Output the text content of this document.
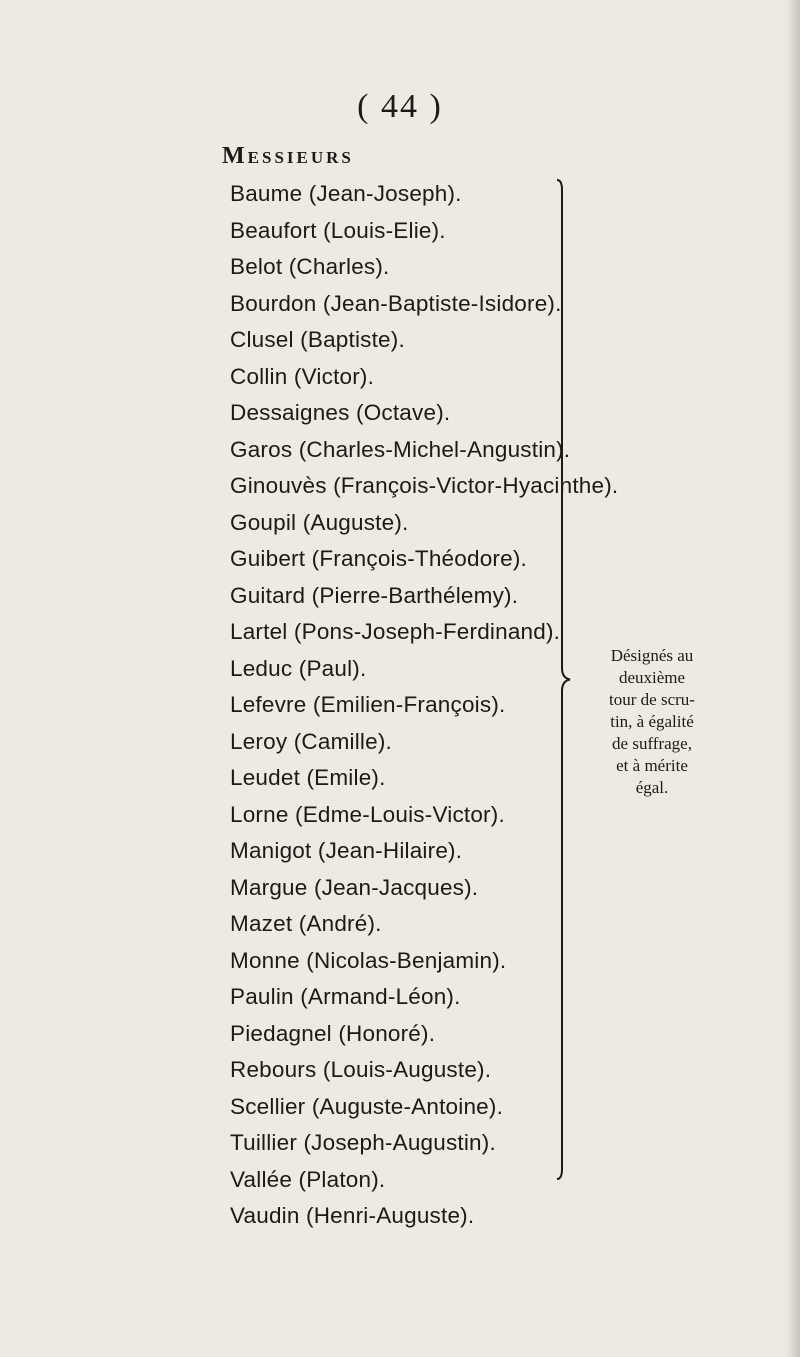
( 44 )
Messieurs
Baume (Jean-Joseph).
Beaufort (Louis-Elie).
Belot (Charles).
Bourdon (Jean-Baptiste-Isidore).
Clusel (Baptiste).
Collin (Victor).
Dessaignes (Octave).
Garos (Charles-Michel-Angustin).
Ginouvès (François-Victor-Hyacinthe).
Goupil (Auguste).
Guibert (François-Théodore).
Guitard (Pierre-Barthélemy).
Lartel (Pons-Joseph-Ferdinand).
Leduc (Paul).
Lefevre (Emilien-François).
Leroy (Camille).
Leudet (Emile).
Lorne (Edme-Louis-Victor).
Manigot (Jean-Hilaire).
Margue (Jean-Jacques).
Mazet (André).
Monne (Nicolas-Benjamin).
Paulin (Armand-Léon).
Piedagnel (Honoré).
Rebours (Louis-Auguste).
Scellier (Auguste-Antoine).
Tuillier (Joseph-Augustin).
Vallée (Platon).
Vaudin (Henri-Auguste).
Désignés au
deuxième
tour de scru-
tin, à égalité
de suffrage,
et à mérite
égal.
